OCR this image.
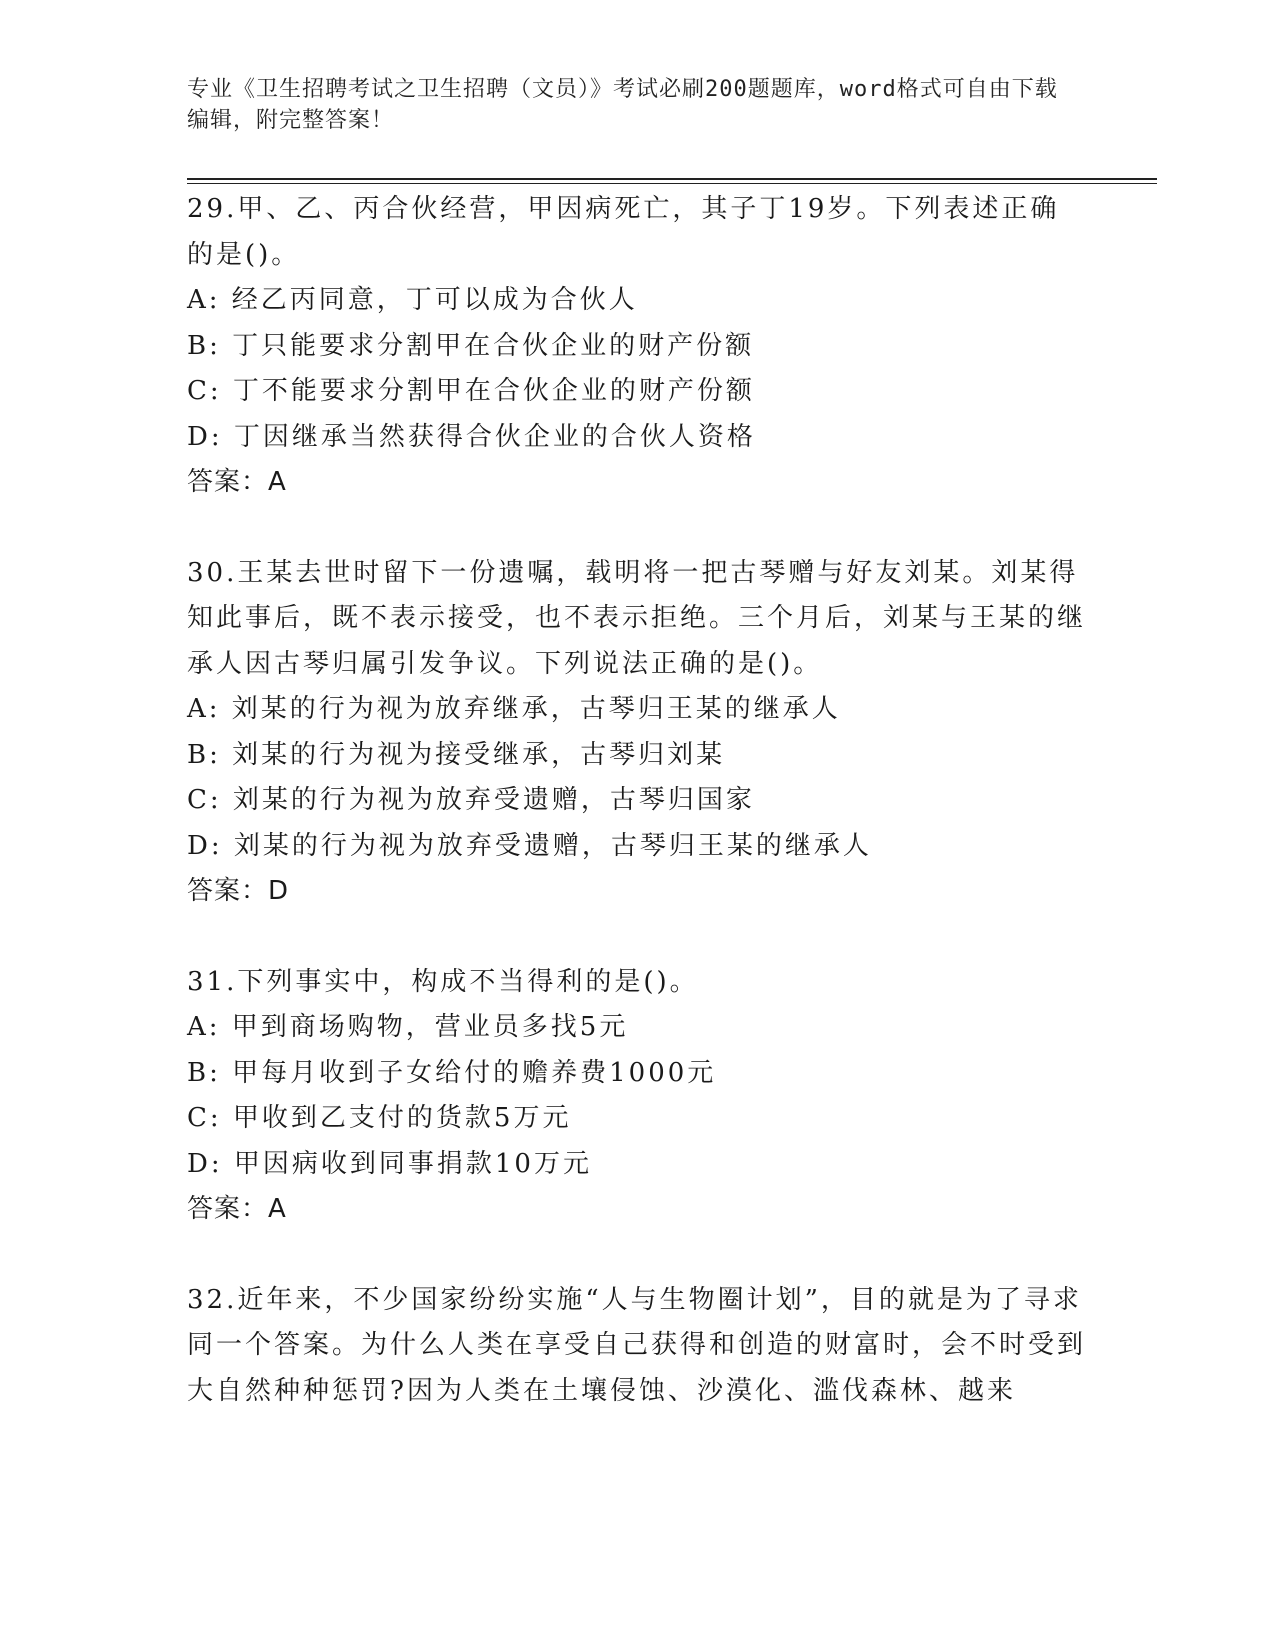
专业《卫生招聘考试之卫生招聘（文员）》考试必刷200题题库，word格式可自由下载编辑，附完整答案！
29.甲、乙、丙合伙经营，甲因病死亡，其子丁19岁。下列表述正确的是()。
A: 经乙丙同意，丁可以成为合伙人
B: 丁只能要求分割甲在合伙企业的财产份额
C: 丁不能要求分割甲在合伙企业的财产份额
D: 丁因继承当然获得合伙企业的合伙人资格
答案：A
30.王某去世时留下一份遗嘱，载明将一把古琴赠与好友刘某。刘某得知此事后，既不表示接受，也不表示拒绝。三个月后，刘某与王某的继承人因古琴归属引发争议。下列说法正确的是()。
A: 刘某的行为视为放弃继承，古琴归王某的继承人
B: 刘某的行为视为接受继承，古琴归刘某
C: 刘某的行为视为放弃受遗赠，古琴归国家
D: 刘某的行为视为放弃受遗赠，古琴归王某的继承人
答案：D
31.下列事实中，构成不当得利的是()。
A: 甲到商场购物，营业员多找5元
B: 甲每月收到子女给付的赡养费1000元
C: 甲收到乙支付的货款5万元
D: 甲因病收到同事捐款10万元
答案：A
32.近年来，不少国家纷纷实施“人与生物圈计划”，目的就是为了寻求同一个答案。为什么人类在享受自己获得和创造的财富时，会不时受到大自然种种惩罚?因为人类在土壤侵蚀、沙漠化、滥伐森林、越来
